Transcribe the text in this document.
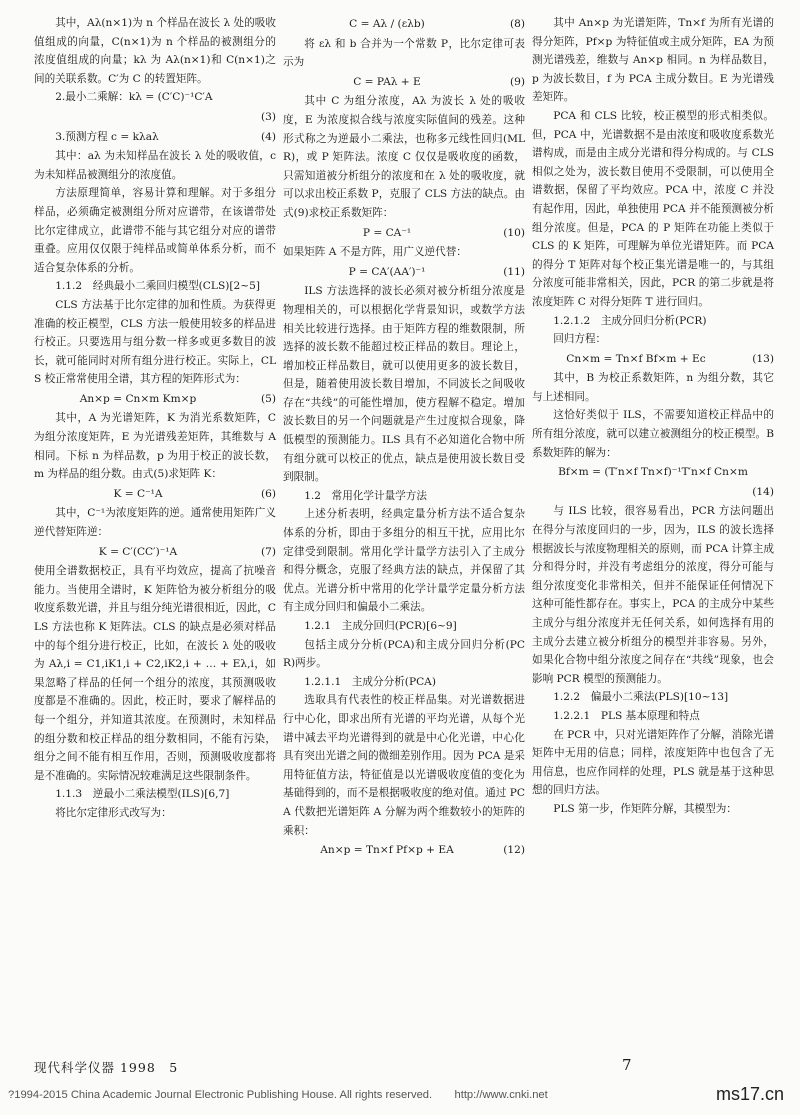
其中，Aλ(n×1)为 n 个样品在波长 λ 处的吸收值组成的向量，C(n×1)为 n 个样品的被测组分的浓度值组成的向量；kλ 为 Aλ(n×1)和 C(n×1)之间的关联系数。C′为 C 的转置矩阵。

2.最小二乘解：kλ = (C′C)⁻¹C′A

(3)
3.预测方程 c = kλaλ	(4)

其中：aλ 为未知样品在波长 λ 处的吸收值，c 为未知样品被测组分的浓度值。

方法原理简单，容易计算和理解。对于多组分样品，必须确定被测组分所对应谱带，在该谱带处比尔定律成立，此谱带不能与其它组分对应的谱带重叠。应用仅仅限于纯样品或简单体系分析，而不适合复杂体系的分析。

1.1.2　经典最小二乘回归模型(CLS)[2~5]

CLS 方法基于比尔定律的加和性质。为获得更准确的校正模型，CLS 方法一般使用较多的样品进行校正。只要选用与组分数一样多或更多数目的波长，就可能同时对所有组分进行校正。实际上，CLS 校正常常使用全谱，其方程的矩阵形式为：

An×p = Cn×m Km×p	(5)

其中，A 为光谱矩阵，K 为消光系数矩阵，C 为组分浓度矩阵，E 为光谱残差矩阵，其维数与 A 相同。下标 n 为样品数，p 为用于校正的波长数，m 为样品的组分数。由式(5)求矩阵 K：

K = C⁻¹A	(6)

其中，C⁻¹为浓度矩阵的逆。通常使用矩阵广义逆代替矩阵逆：

K = C′(CC′)⁻¹A	(7)

使用全谱数据校正，具有平均效应，提高了抗噪音能力。当使用全谱时，K 矩阵恰为被分析组分的吸收度系数光谱，并且与组分纯光谱很相近，因此，CLS 方法也称 K 矩阵法。CLS 的缺点是必须对样品中的每个组分进行校正，比如，在波长 λ 处的吸收为 Aλ,i = C1,iK1,i + C2,iK2,i + … + Eλ,i，如果忽略了样品的任何一个组分的浓度，其预测吸收度都是不准确的。因此，校正时，要求了解样品的每一个组分，并知道其浓度。在预测时，未知样品的组分数和校正样品的组分数相同，不能有污染，组分之间不能有相互作用，否则，预测吸收度都将是不准确的。实际情况较难满足这些限制条件。

1.1.3　逆最小二乘法模型(ILS)[6,7]

将比尔定律形式改写为：

C = Aλ / (ελb)	(8)

将 ελ 和 b 合并为一个常数 P，比尔定律可表示为

C = PAλ + E	(9)

其中 C 为组分浓度，Aλ 为波长 λ 处的吸收度，E 为浓度拟合线与浓度实际值间的残差。这种形式称之为逆最小二乘法，也称多元线性回归(MLR)，或 P 矩阵法。浓度 C 仅仅是吸收度的函数，只需知道被分析组分的浓度和在 λ 处的吸收度，就可以求出校正系数 P，克服了 CLS 方法的缺点。由式(9)求校正系数矩阵：

P = CA⁻¹	(10)

如果矩阵 A 不是方阵，用广义逆代替：

P = CA′(AA′)⁻¹	(11)

ILS 方法选择的波长必须对被分析组分浓度是物理相关的，可以根据化学背景知识，或数学方法相关比较进行选择。由于矩阵方程的维数限制，所选择的波长数不能超过校正样品的数目。理论上，增加校正样品数目，就可以使用更多的波长数目，但是，随着使用波长数目增加，不同波长之间吸收存在“共线”的可能性增加，使方程解不稳定。增加波长数目的另一个问题就是产生过度拟合现象，降低模型的预测能力。ILS 具有不必知道化合物中所有组分就可以校正的优点，缺点是使用波长数目受到限制。

1.2　常用化学计量学方法

上述分析表明，经典定量分析方法不适合复杂体系的分析，即由于多组分的相互干扰，应用比尔定律受到限制。常用化学计量学方法引入了主成分和得分概念，克服了经典方法的缺点，并保留了其优点。光谱分析中常用的化学计量学定量分析方法有主成分回归和偏最小二乘法。

1.2.1　主成分回归(PCR)[6~9]

包括主成分分析(PCA)和主成分回归分析(PCR)两步。

1.2.1.1　主成分分析(PCA)

选取具有代表性的校正样品集。对光谱数据进行中心化，即求出所有光谱的平均光谱，从每个光谱中减去平均光谱得到的就是中心化光谱，中心化具有突出光谱之间的微细差别作用。因为 PCA 是采用特征值方法，特征值是以光谱吸收度值的变化为基础得到的，而不是根据吸收度的绝对值。通过 PCA 代数把光谱矩阵 A 分解为两个维数较小的矩阵的乘积：

An×p = Tn×f Pf×p + EA	(12)

其中 An×p 为光谱矩阵，Tn×f 为所有光谱的得分矩阵，Pf×p 为特征值或主成分矩阵，EA 为预测光谱残差，维数与 An×p 相同。n 为样品数目，p 为波长数目，f 为 PCA 主成分数目。E 为光谱残差矩阵。

PCA 和 CLS 比较，校正模型的形式相类似。但，PCA 中，光谱数据不是由浓度和吸收度系数光谱构成，而是由主成分光谱和得分构成的。与 CLS 相似之处为，波长数目使用不受限制，可以使用全谱数据，保留了平均效应。PCA 中，浓度 C 并没有起作用，因此，单独使用 PCA 并不能预测被分析组分浓度。但是，PCA 的 P 矩阵在功能上类似于 CLS 的 K 矩阵，可理解为单位光谱矩阵。而 PCA 的得分 T 矩阵对每个校正集光谱是唯一的，与其组分浓度可能非常相关，因此，PCR 的第二步就是将浓度矩阵 C 对得分矩阵 T 进行回归。

1.2.1.2　主成分回归分析(PCR)

回归方程：

Cn×m = Tn×f Bf×m + Ec	(13)

其中，B 为校正系数矩阵，n 为组分数，其它与上述相同。

这恰好类似于 ILS，不需要知道校正样品中的所有组分浓度，就可以建立被测组分的校正模型。B 系数矩阵的解为：

Bf×m = (T′n×f Tn×f)⁻¹T′n×f Cn×m
(14)

与 ILS 比较，很容易看出，PCR 方法问题出在得分与浓度回归的一步，因为，ILS 的波长选择根据波长与浓度物理相关的原则，而 PCA 计算主成分和得分时，并没有考虑组分的浓度，得分可能与组分浓度变化非常相关，但并不能保证任何情况下这种可能性都存在。事实上，PCA 的主成分中某些主成分与组分浓度并无任何关系，如何选择有用的主成分去建立被分析组分的模型并非容易。另外，如果化合物中组分浓度之间存在“共线”现象，也会影响 PCR 模型的预测能力。

1.2.2　偏最小二乘法(PLS)[10~13]

1.2.2.1　PLS 基本原理和特点

在 PCR 中，只对光谱矩阵作了分解，消除光谱矩阵中无用的信息；同样，浓度矩阵中也包含了无用信息，也应作同样的处理，PLS 就是基于这种思想的回归方法。

PLS 第一步，作矩阵分解，其模型为：

现代科学仪器 1998　5	7
?1994-2015 China Academic Journal Electronic Publishing House. All rights reserved.　　http://www.cnki.net	ms17.cn
